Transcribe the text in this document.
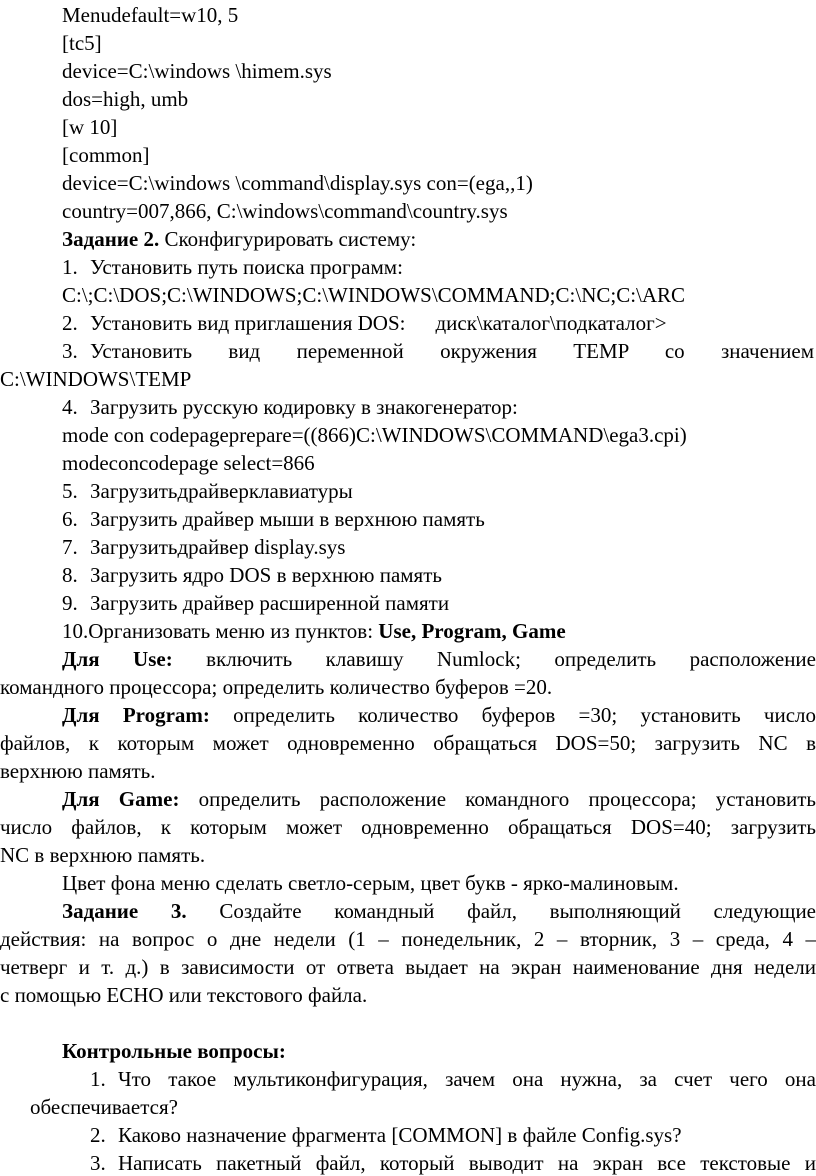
Menudefault=w10, 5
[tc5]
device=C:\windows \himem.sys
dos=high, umb
[w 10]
[common]
device=C:\windows \command\display.sys con=(ega,,1)
country=007,866, C:\windows\command\country.sys
Задание 2. Сконфигурировать систему:
1. Установить путь поиска программ:
C:\;C:\DOS;C:\WINDOWS;C:\WINDOWS\COMMAND;C:\NC;C:\ARC
2. Установить вид приглашения DOS: диск\каталог\подкаталог>
3. Установить вид переменной окружения TEMP со значением
C:\WINDOWS\TEMP
4. Загрузить русскую кодировку в знакогенератор:
mode con codepageprepare=((866)C:\WINDOWS\COMMAND\ega3.cpi)
modeconcodepage select=866
5. Загрузитьдрайверклавиатуры
6. Загрузить драйвер мыши в верхнюю память
7. Загрузитьдрайвер display.sys
8. Загрузить ядро DOS в верхнюю память
9. Загрузить драйвер расширенной памяти
10.Организовать меню из пунктов: Use, Program, Game
Для Use: включить клавишу Numlock; определить расположение
командного процессора; определить количество буферов =20.
Для Program: определить количество буферов =30; установить число
файлов, к которым может одновременно обращаться DOS=50; загрузить NC в
верхнюю память.
Для Game: определить расположение командного процессора; установить
число файлов, к которым может одновременно обращаться DOS=40; загрузить
NC в верхнюю память.
Цвет фона меню сделать светло-серым, цвет букв - ярко-малиновым.
Задание 3. Создайте командный файл, выполняющий следующие
действия: на вопрос о дне недели (1 – понедельник, 2 – вторник, 3 – среда, 4 –
четверг и т. д.) в зависимости от ответа выдает на экран наименование дня недели
с помощью ECHO или текстового файла.
Контрольные вопросы:
1. Что такое мультиконфигурация, зачем она нужна, за счет чего она
обеспечивается?
2. Каково назначение фрагмента [COMMON] в файле Config.sys?
3. Написать пакетный файл, который выводит на экран все текстовые и
